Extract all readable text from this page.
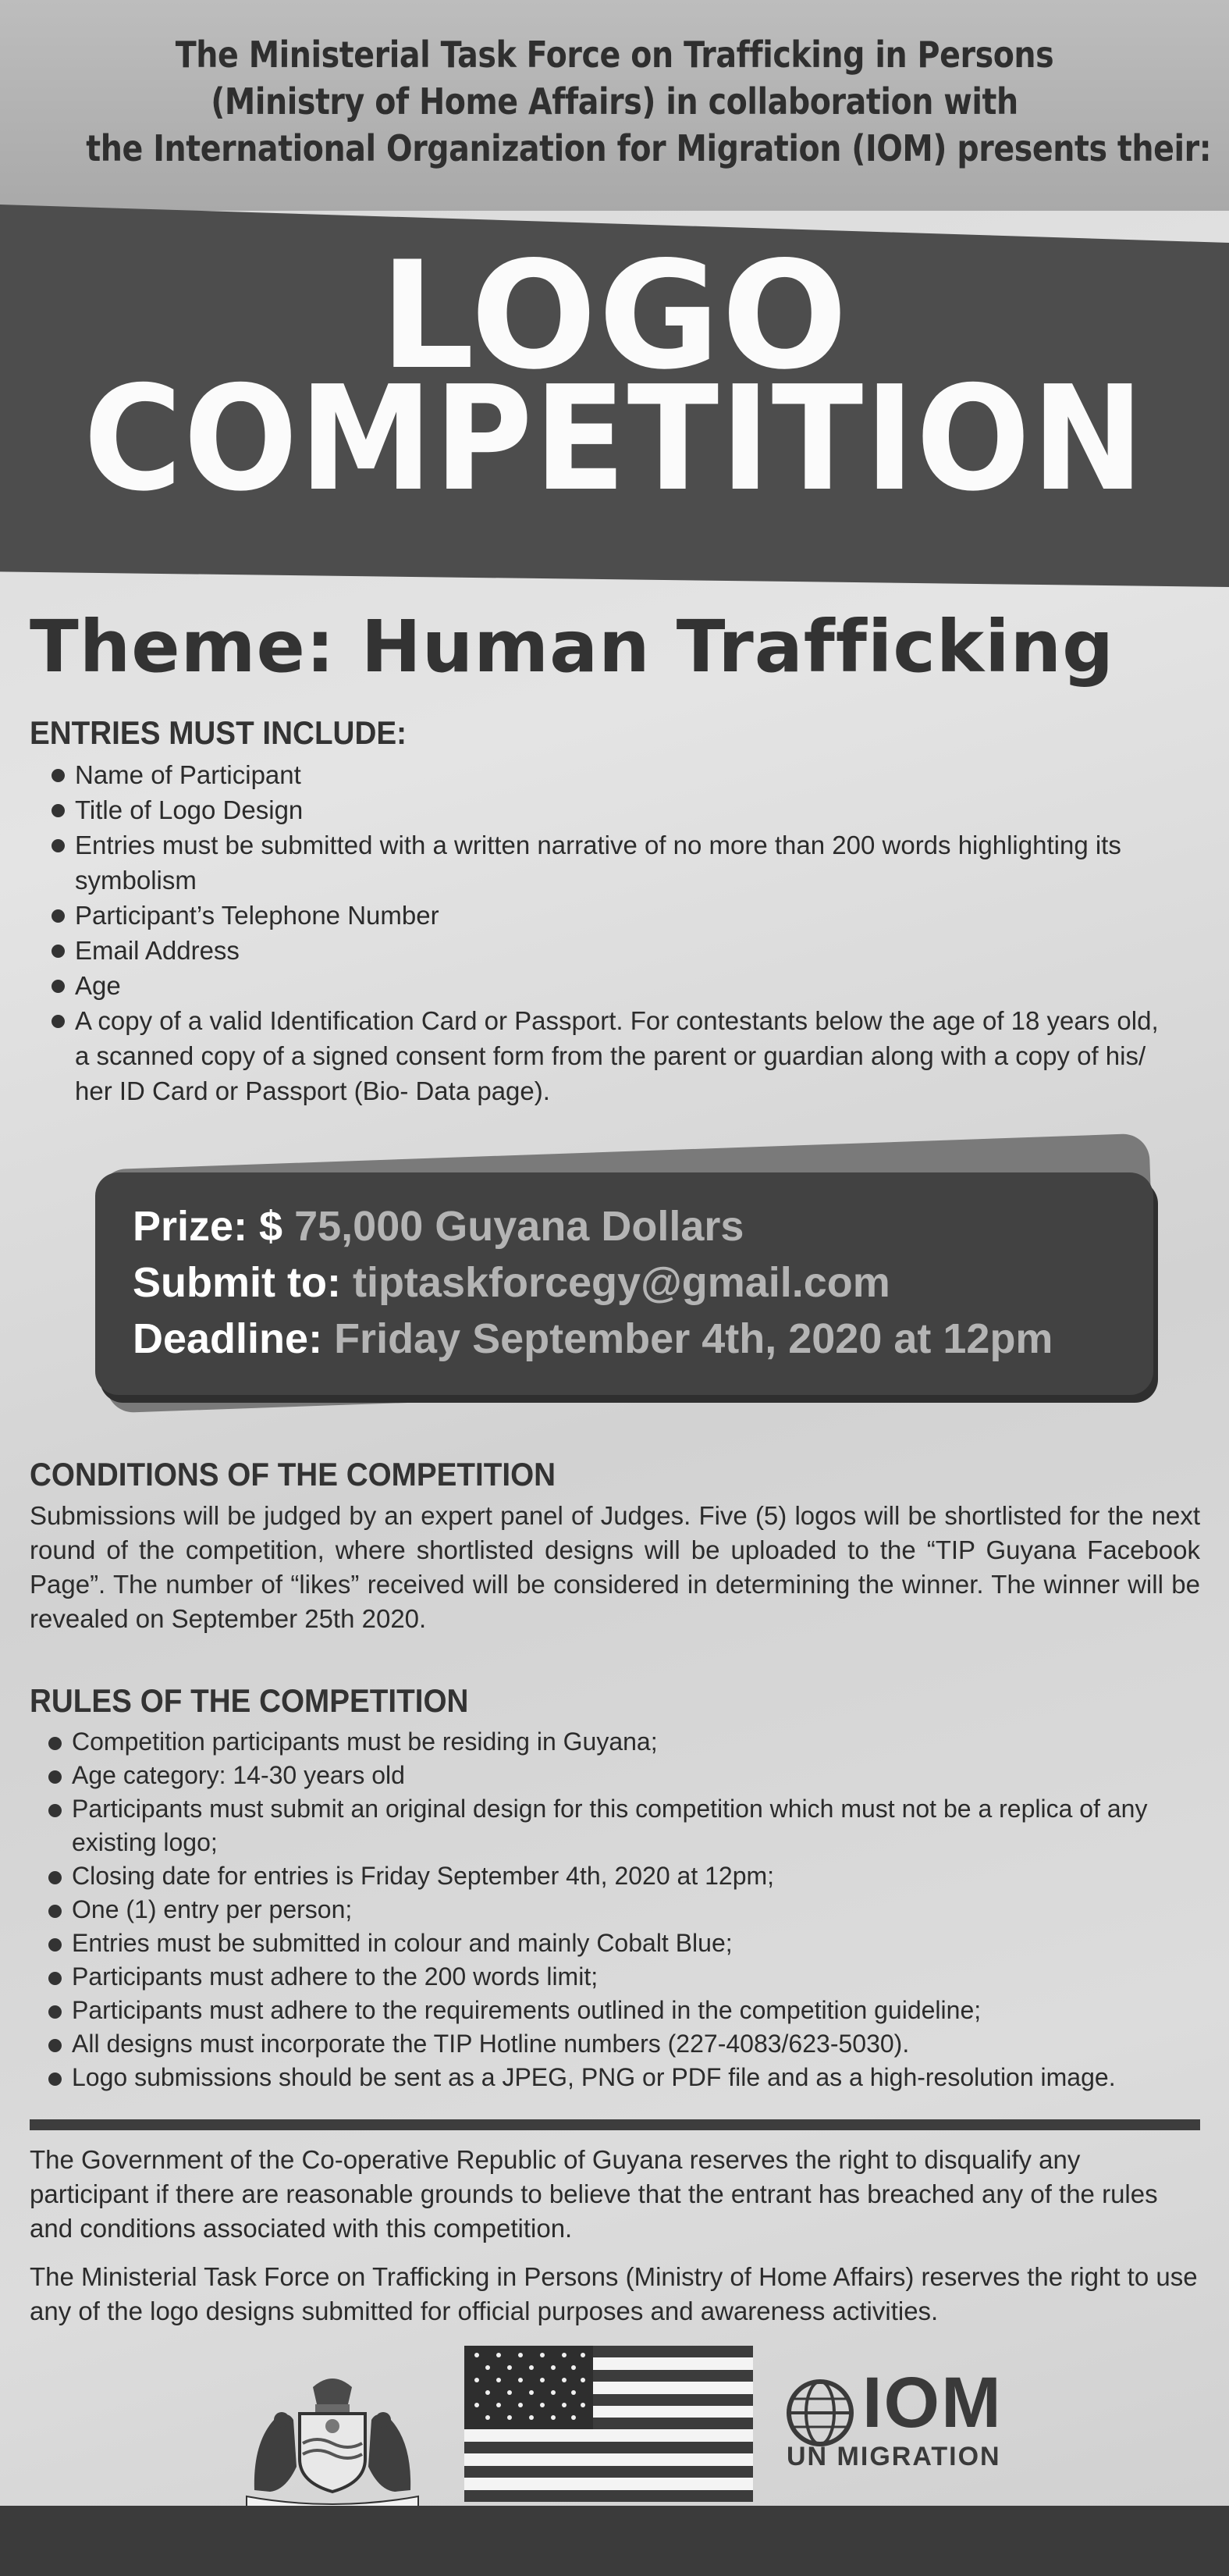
The Ministerial Task Force on Trafficking in Persons
(Ministry of Home Affairs) in collaboration with
the International Organization for Migration (IOM) presents their:
LOGO
COMPETITION
Theme: Human Trafficking
ENTRIES MUST INCLUDE:
Name of Participant
Title of Logo Design
Entries must be submitted with a written narrative of no more than 200 words highlighting its symbolism
Participant’s Telephone Number
Email Address
Age
A copy of a valid Identification Card or Passport. For contestants below the age of 18 years old, a scanned copy of a signed consent form from the parent or guardian along with a copy of his/ her ID Card or Passport (Bio- Data page).
Prize: $ 75,000 Guyana Dollars
Submit to: tiptaskforcegy@gmail.com
Deadline: Friday September 4th, 2020 at 12pm
CONDITIONS OF THE COMPETITION
Submissions will be judged by an expert panel of Judges. Five (5) logos will be shortlisted for the next round of the competition, where shortlisted designs will be uploaded to the “TIP Guyana Facebook Page”. The number of “likes” received will be considered in determining the winner. The winner will be revealed on September 25th 2020.
RULES OF THE COMPETITION
Competition participants must be residing in Guyana;
Age category: 14-30 years old
Participants must submit an original design for this competition which must not be a replica of any existing logo;
Closing date for entries is Friday September 4th, 2020 at 12pm;
One (1) entry per person;
Entries must be submitted in colour and mainly Cobalt Blue;
Participants must adhere to the 200 words limit;
Participants must adhere to the requirements outlined in the competition guideline;
All designs must incorporate the TIP Hotline numbers (227-4083/623-5030).
Logo submissions should be sent as a JPEG, PNG or PDF file and as a high-resolution image.
The Government of the Co-operative Republic of Guyana reserves the right to disqualify any participant if there are reasonable grounds to believe that the entrant has breached any of the rules and conditions associated with this competition.
The Ministerial Task Force on Trafficking in Persons (Ministry of Home Affairs) reserves the right to use any of the logo designs submitted for official purposes and awareness activities.
IOM
UN MIGRATION
